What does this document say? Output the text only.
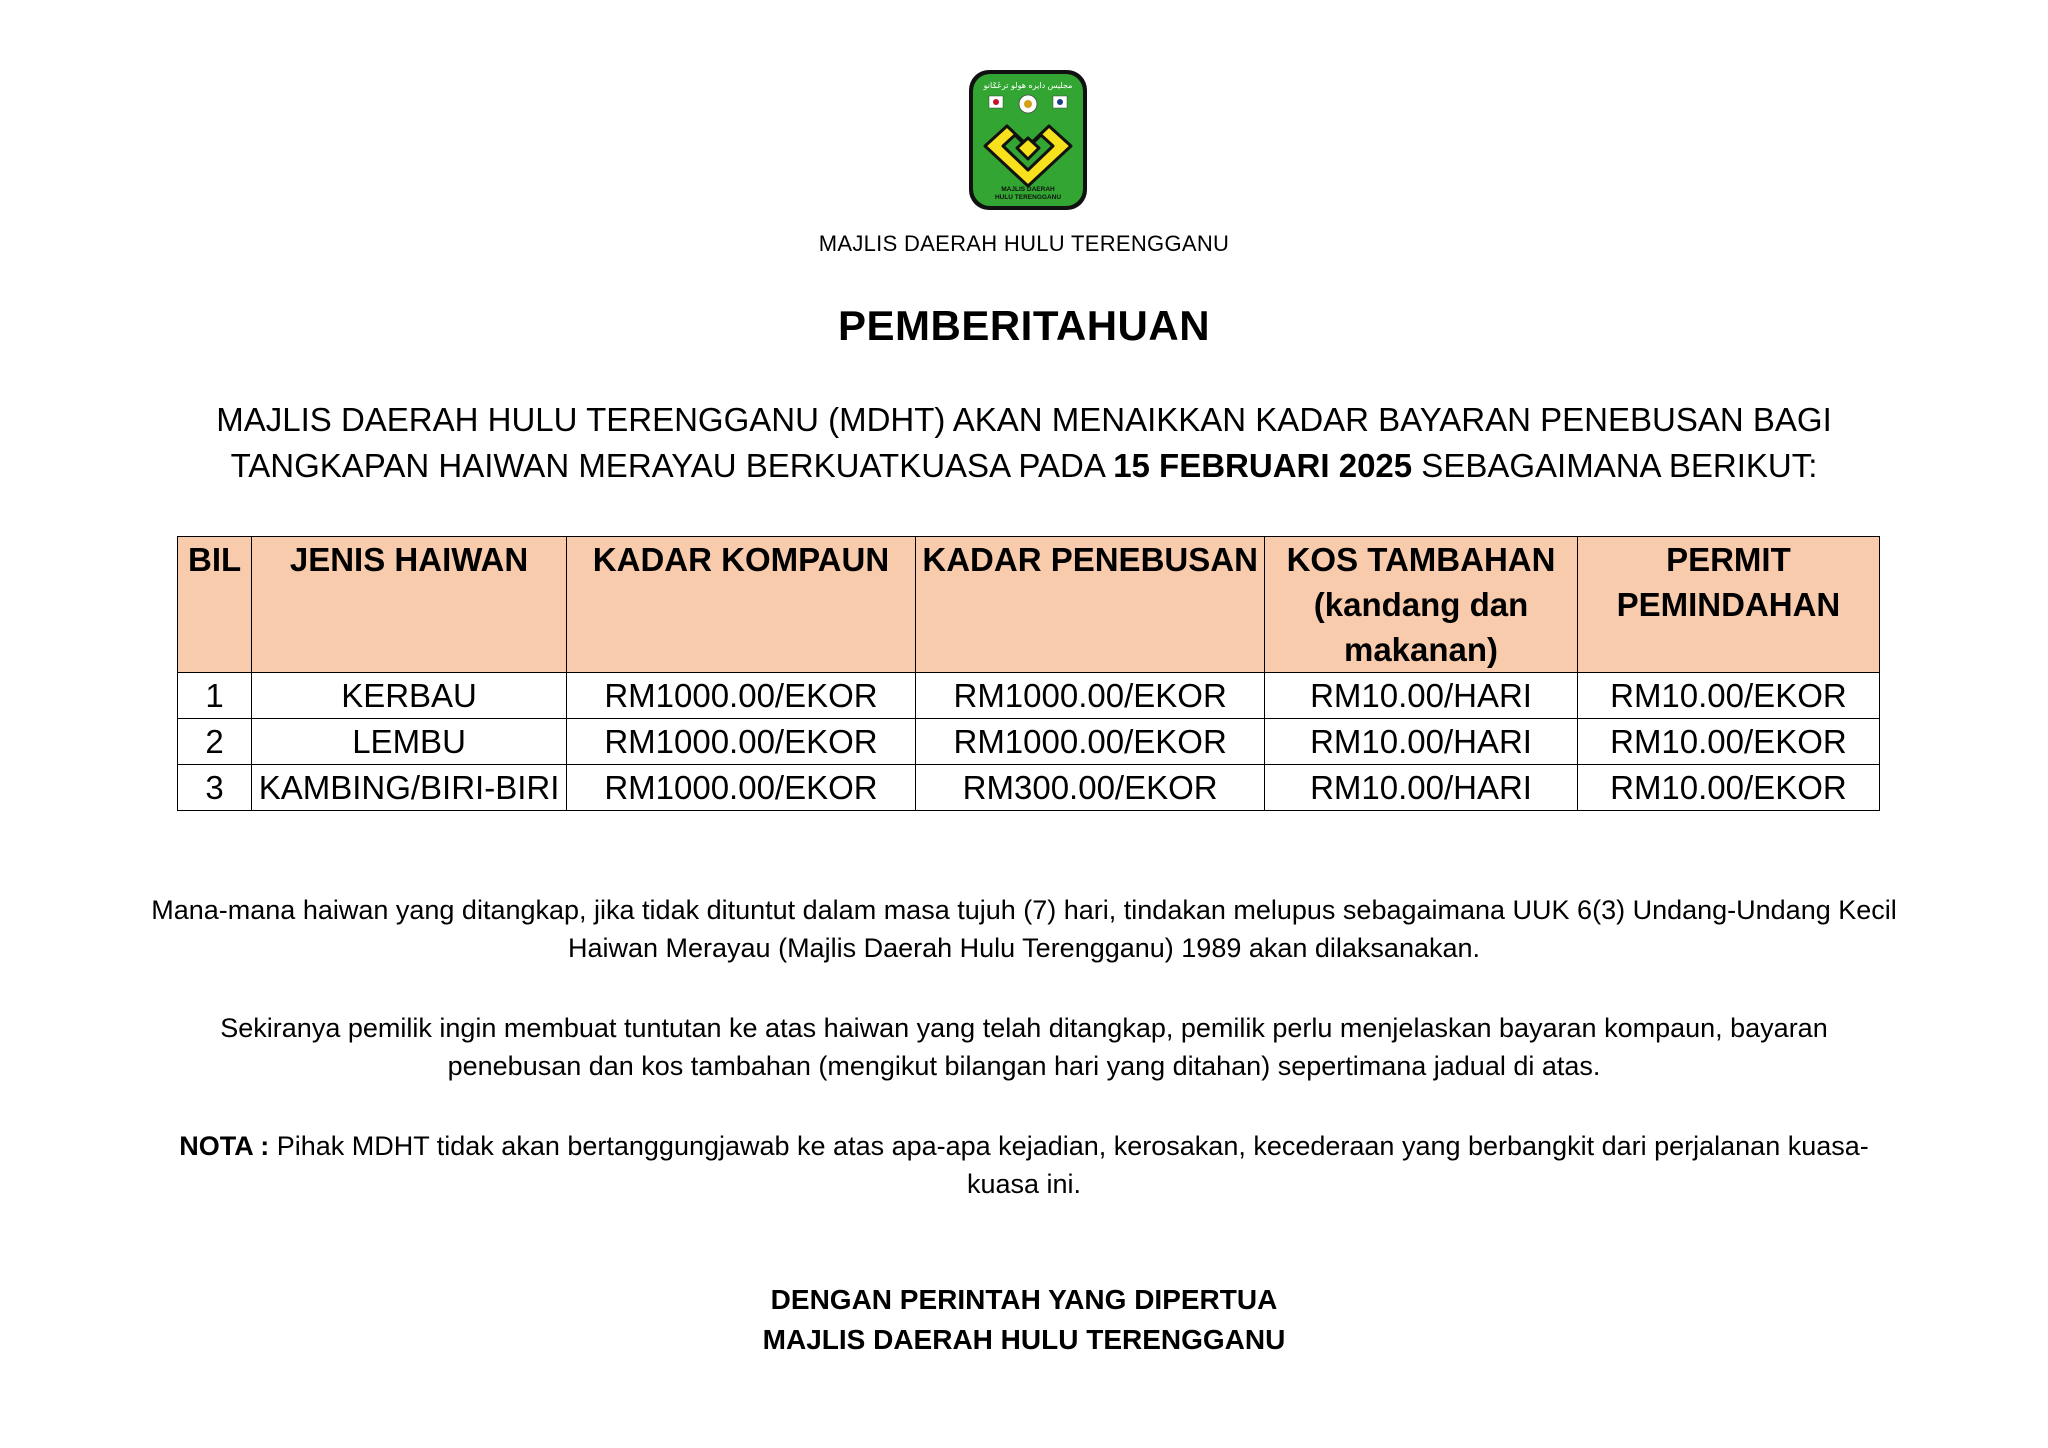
مجليس دايره هولو ترڠݢانو
MAJLIS DAERAH
HULU TERENGGANU
MAJLIS DAERAH HULU TERENGGANU
PEMBERITAHUAN
MAJLIS DAERAH HULU TERENGGANU (MDHT) AKAN MENAIKKAN KADAR BAYARAN PENEBUSAN BAGI TANGKAPAN HAIWAN MERAYAU BERKUATKUASA PADA 15 FEBRUARI 2025 SEBAGAIMANA BERIKUT:
BIL	JENIS HAIWAN	KADAR KOMPAUN	KADAR PENEBUSAN	KOS TAMBAHAN (kandang dan makanan)	PERMIT PEMINDAHAN
1	KERBAU	RM1000.00/EKOR	RM1000.00/EKOR	RM10.00/HARI	RM10.00/EKOR
2	LEMBU	RM1000.00/EKOR	RM1000.00/EKOR	RM10.00/HARI	RM10.00/EKOR
3	KAMBING/BIRI-BIRI	RM1000.00/EKOR	RM300.00/EKOR	RM10.00/HARI	RM10.00/EKOR
Mana-mana haiwan yang ditangkap, jika tidak dituntut dalam masa tujuh (7) hari, tindakan melupus sebagaimana UUK 6(3) Undang-Undang Kecil Haiwan Merayau (Majlis Daerah Hulu Terengganu) 1989 akan dilaksanakan.
Sekiranya pemilik ingin membuat tuntutan ke atas haiwan yang telah ditangkap, pemilik perlu menjelaskan bayaran kompaun, bayaran penebusan dan kos tambahan (mengikut bilangan hari yang ditahan) sepertimana jadual di atas.
NOTA : Pihak MDHT tidak akan bertanggungjawab ke atas apa-apa kejadian, kerosakan, kecederaan yang berbangkit dari perjalanan kuasa-kuasa ini.
DENGAN PERINTAH YANG DIPERTUA
MAJLIS DAERAH HULU TERENGGANU
